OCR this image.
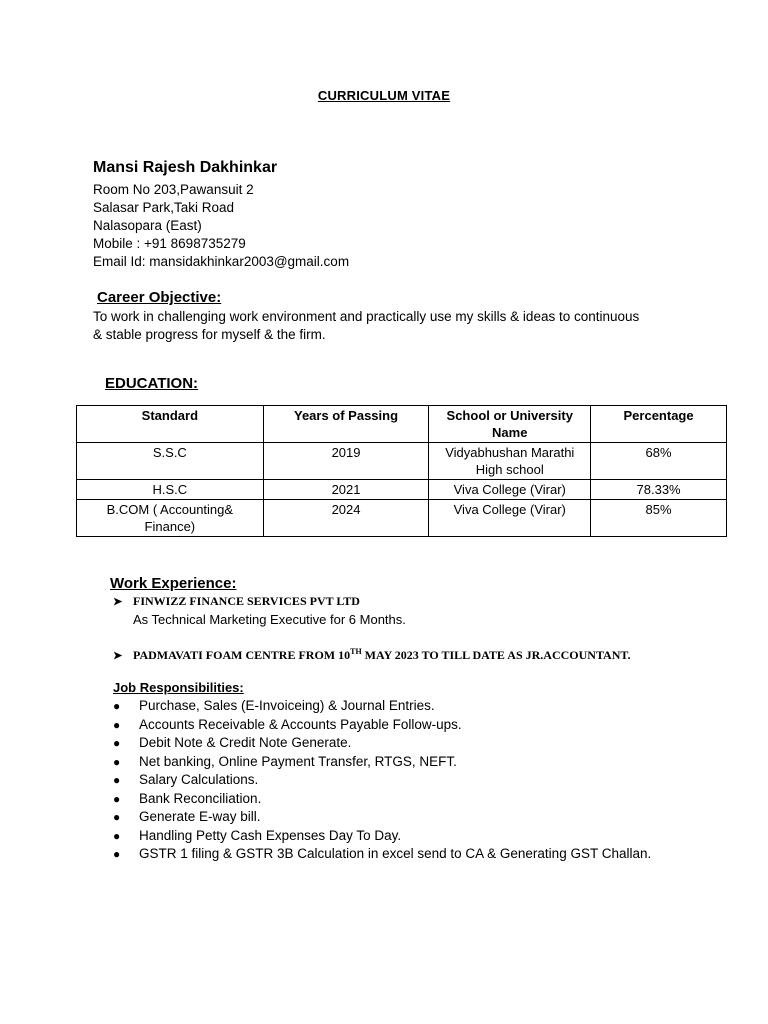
CURRICULUM VITAE
Mansi Rajesh Dakhinkar
Room No 203,Pawansuit 2
Salasar Park,Taki Road
Nalasopara (East)
Mobile : +91 8698735279
Email Id: mansidakhinkar2003@gmail.com
Career Objective:
To work in challenging work environment and practically use my skills & ideas to continuous
& stable progress for myself & the firm.
EDUCATION:
Standard	Years of Passing	School or University Name	Percentage
S.S.C	2019	Vidyabhushan Marathi High school	68%
H.S.C	2021	Viva College (Virar)	78.33%
B.COM ( Accounting& Finance)	2024	Viva College (Virar)	85%
Work Experience:
➤ FINWIZZ FINANCE SERVICES PVT LTD
As Technical Marketing Executive for 6 Months.
➤ PADMAVATI FOAM CENTRE FROM 10TH MAY 2023 TO TILL DATE AS JR.ACCOUNTANT.
Job Responsibilities:
● Purchase, Sales (E-Invoiceing) & Journal Entries.
● Accounts Receivable & Accounts Payable Follow-ups.
● Debit Note & Credit Note Generate.
● Net banking, Online Payment Transfer, RTGS, NEFT.
● Salary Calculations.
● Bank Reconciliation.
● Generate E-way bill.
● Handling Petty Cash Expenses Day To Day.
● GSTR 1 filing & GSTR 3B Calculation in excel send to CA & Generating GST Challan.
